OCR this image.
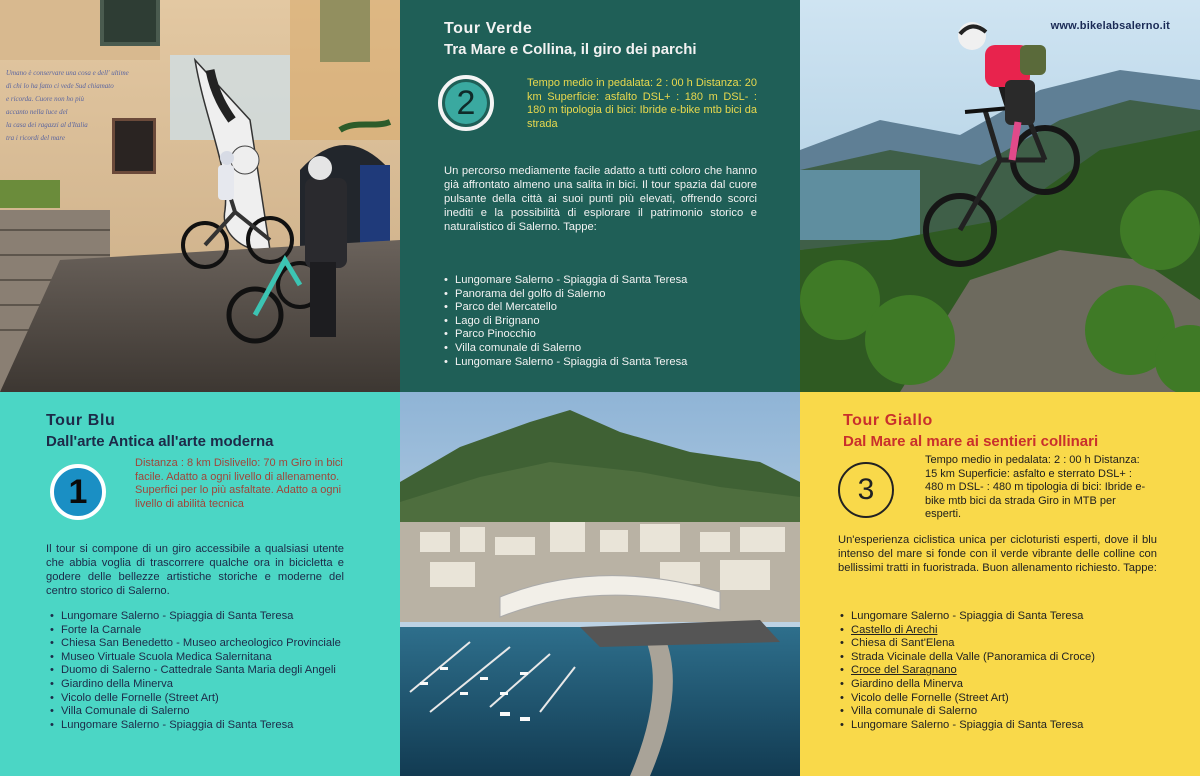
Umano è conservare una cosa e dell' ultime
di chi lo ha fatto ci vede Sud chiamato
e ricorda. Cuore non ho più
accanto nella luce del
la casa dei ragazzi al d'Italia
tra i ricordi del mare
Tour Verde
Tra Mare e Collina, il giro dei parchi
2
Tempo medio in pedalata: 2 : 00 h Distanza: 20 km Superficie: asfalto DSL+ : 180 m DSL- : 180 m tipologia di bici: Ibride e-bike mtb bici da strada
Un percorso mediamente facile adatto a tutti coloro che hanno già affrontato almeno una salita in bici. Il tour spazia dal cuore pulsante della città ai suoi punti più elevati, offrendo scorci inediti e la possibilità di esplorare il patrimonio storico e naturalistico di Salerno. Tappe:
• Lungomare Salerno - Spiaggia di Santa Teresa
• Panorama del golfo di Salerno
• Parco del Mercatello
• Lago di Brignano
• Parco Pinocchio
• Villa comunale di Salerno
• Lungomare Salerno - Spiaggia di Santa Teresa
www.bikelabsalerno.it
Tour Blu
Dall'arte Antica all'arte moderna
1
Distanza : 8 km Dislivello: 70 m Giro in bici facile. Adatto a ogni livello di allenamento. Superfici per lo più asfaltate. Adatto a ogni livello di abilità tecnica
Il tour si compone di un giro accessibile a qualsiasi utente che abbia voglia di trascorrere qualche ora in bicicletta e godere delle bellezze artistiche storiche e moderne del centro storico di Salerno.
• Lungomare Salerno - Spiaggia di Santa Teresa
• Forte la Carnale
• Chiesa San Benedetto - Museo archeologico Provinciale
• Museo Virtuale Scuola Medica Salernitana
• Duomo di Salerno - Cattedrale Santa Maria degli Angeli
• Giardino della Minerva
• Vicolo delle Fornelle (Street Art)
• Villa Comunale di Salerno
• Lungomare Salerno - Spiaggia di Santa Teresa
Tour Giallo
Dal Mare al mare ai sentieri collinari
3
Tempo medio in pedalata: 2 : 00 h Distanza: 15 km Superficie: asfalto e sterrato DSL+ : 480 m DSL- : 480 m tipologia di bici: Ibride e-bike mtb bici da strada Giro in MTB per esperti.
Un'esperienza ciclistica unica per cicloturisti esperti, dove il blu intenso del mare si fonde con il verde vibrante delle colline con bellissimi tratti in fuoristrada. Buon allenamento richiesto. Tappe:
• Lungomare Salerno - Spiaggia di Santa Teresa
• Castello di Arechi
• Chiesa di Sant'Elena
• Strada Vicinale della Valle (Panoramica di Croce)
• Croce del Saragnano
• Giardino della Minerva
• Vicolo delle Fornelle (Street Art)
• Villa comunale di Salerno
• Lungomare Salerno - Spiaggia di Santa Teresa
